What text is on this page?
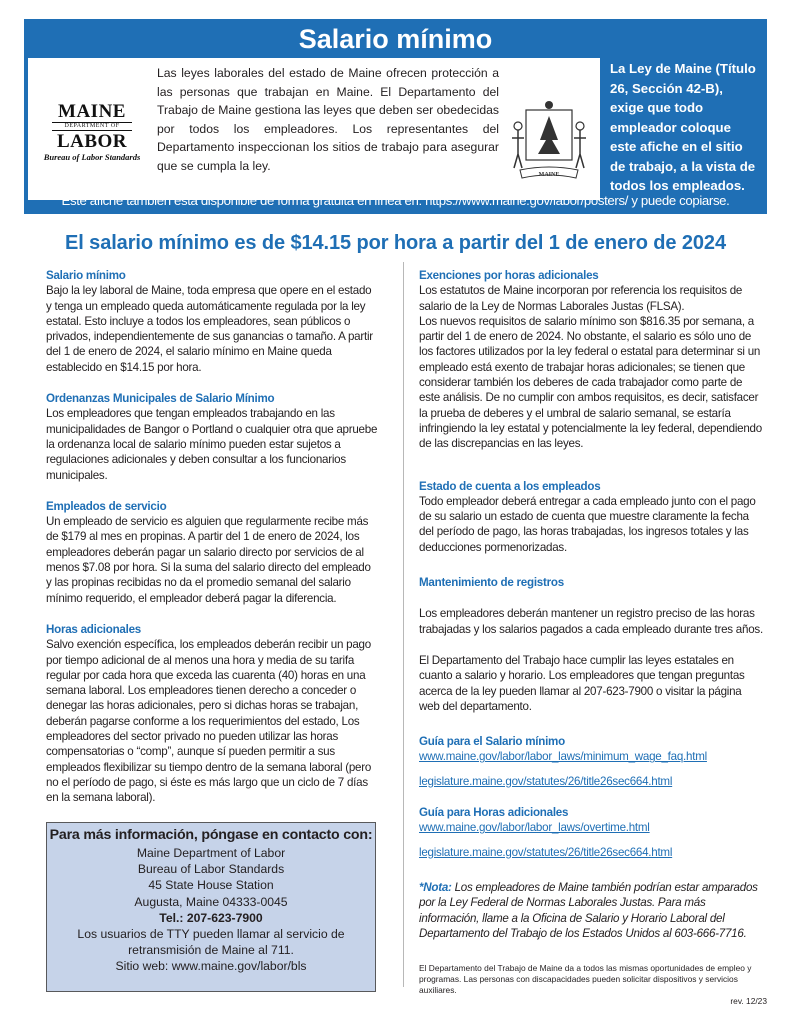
Salario mínimo
MAINE
DEPARTMENT OF
LABOR
Bureau of Labor Standards
Las leyes laborales del estado de Maine ofrecen protección a las personas que trabajan en Maine. El Departamento del Trabajo de Maine gestiona las leyes que deben ser obedecidas por todos los empleadores. Los representantes del Departamento inspeccionan los sitios de trabajo para asegurar que se cumpla la ley.
MAINE
La Ley de Maine (Título 26, Sección 42-B), exige que todo empleador coloque este afiche en el sitio de trabajo, a la vista de todos los empleados.
Este afiche también está disponible de forma gratuita en línea en: https://www.maine.gov/labor/posters/ y puede copiarse.
El salario mínimo es de $14.15 por hora a partir del 1 de enero de 2024
Salario mínimo

Bajo la ley laboral de Maine, toda empresa que opere en el estado y tenga un empleado queda automáticamente regulada por la ley estatal. Esto incluye a todos los empleadores, sean públicos o privados, independientemente de sus ganancias o tamaño. A partir del 1 de enero de 2024, el salario mínimo en Maine queda establecido en $14.15 por hora.

Ordenanzas Municipales de Salario Mínimo

Los empleadores que tengan empleados trabajando en las municipalidades de Bangor o Portland o cualquier otra que apruebe la ordenanza local de salario mínimo pueden estar sujetos a regulaciones adicionales y deben consultar a los funcionarios municipales.

Empleados de servicio

Un empleado de servicio es alguien que regularmente recibe más de $179 al mes en propinas. A partir del 1 de enero de 2024, los empleadores deberán pagar un salario directo por servicios de al menos $7.08 por hora. Si la suma del salario directo del empleado y las propinas recibidas no da el promedio semanal del salario mínimo requerido, el empleador deberá pagar la diferencia.

Horas adicionales

Salvo exención específica, los empleados deberán recibir un pago por tiempo adicional de al menos una hora y media de su tarifa regular por cada hora que exceda las cuarenta (40) horas en una semana laboral. Los empleadores tienen derecho a conceder o denegar las horas adicionales, pero si dichas horas se trabajan, deberán pagarse conforme a los requerimientos del estado, Los empleadores del sector privado no pueden utilizar las horas compensatorias o “comp”, aunque sí pueden permitir a sus empleados flexibilizar su tiempo dentro de la semana laboral (pero no el período de pago, si éste es más largo que un ciclo de 7 días en la semana laboral).

Para más información, póngase en contacto con:
Maine Department of Labor
Bureau of Labor Standards
45 State House Station
Augusta, Maine 04333-0045
Tel.: 207-623-7900
Los usuarios de TTY pueden llamar al servicio de
retransmisión de Maine al 711.
Sitio web: www.maine.gov/labor/bls
Exenciones por horas adicionales

Los estatutos de Maine incorporan por referencia los requisitos de salario de la Ley de Normas Laborales Justas (FLSA).

Los nuevos requisitos de salario mínimo son $816.35 por semana, a partir del 1 de enero de 2024. No obstante, el salario es sólo uno de los factores utilizados por la ley federal o estatal para determinar si un empleado está exento de trabajar horas adicionales; se tienen que considerar también los deberes de cada trabajador como parte de este análisis. De no cumplir con ambos requisitos, es decir, satisfacer la prueba de deberes y el umbral de salario semanal, se estaría infringiendo la ley estatal y potencialmente la ley federal, dependiendo de las discrepancias en las leyes.

Estado de cuenta a los empleados

Todo empleador deberá entregar a cada empleado junto con el pago de su salario un estado de cuenta que muestre claramente la fecha del período de pago, las horas trabajadas, los ingresos totales y las deducciones pormenorizadas.

Mantenimiento de registros

Los empleadores deberán mantener un registro preciso de las horas trabajadas y los salarios pagados a cada empleado durante tres años.

El Departamento del Trabajo hace cumplir las leyes estatales en cuanto a salario y horario. Los empleadores que tengan preguntas acerca de la ley pueden llamar al 207-623-7900 o visitar la página web del departamento.

Guía para el Salario mínimo
www.maine.gov/labor/labor_laws/minimum_wage_faq.html
legislature.maine.gov/statutes/26/title26sec664.html
Guía para Horas adicionales
www.maine.gov/labor/labor_laws/overtime.html
legislature.maine.gov/statutes/26/title26sec664.html

*Nota: Los empleadores de Maine también podrían estar amparados por la Ley Federal de Normas Laborales Justas. Para más información, llame a la Oficina de Salario y Horario Laboral del Departamento del Trabajo de los Estados Unidos al 603-666-7716.

El Departamento del Trabajo de Maine da a todos las mismas oportunidades de empleo y programas. Las personas con discapacidades pueden solicitar dispositivos y servicios auxiliares.
rev. 12/23
